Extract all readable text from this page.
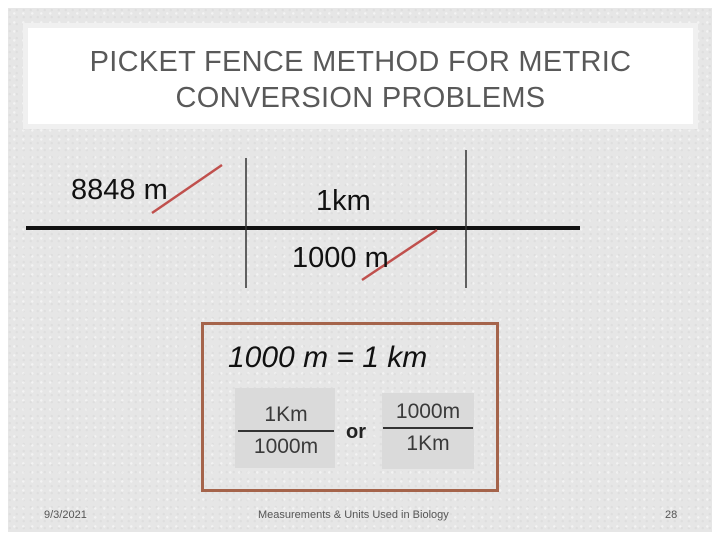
PICKET FENCE METHOD FOR METRIC
CONVERSION PROBLEMS
8848 m	1km
1000 m
1000 m = 1 km
1Km
1000m
or
1000m
1Km
9/3/2021	Measurements & Units Used in Biology	28
